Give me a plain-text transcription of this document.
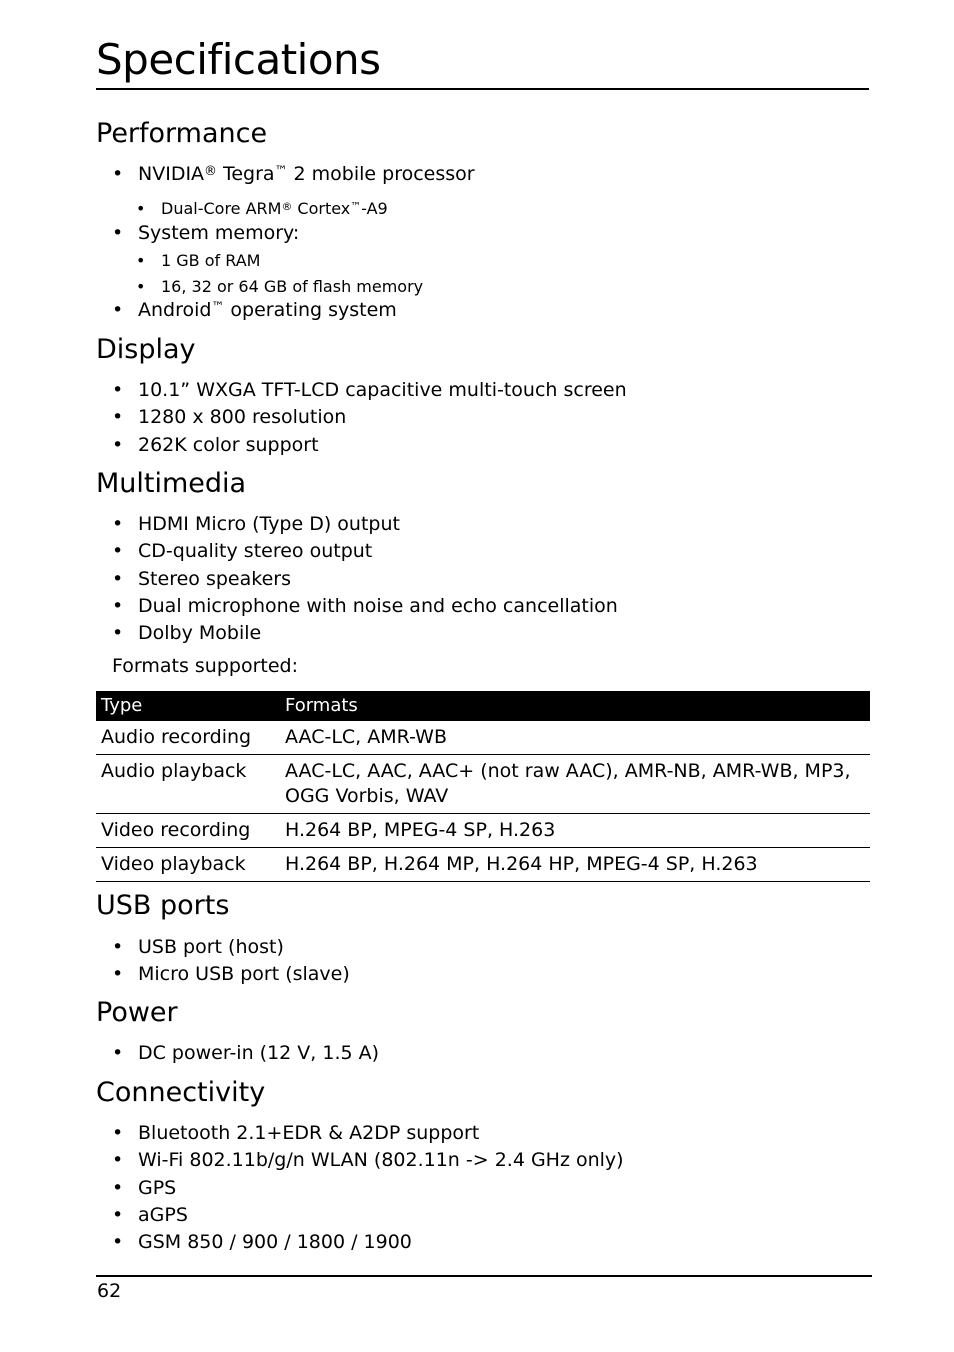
Specifications
Performance
• NVIDIA® Tegra™ 2 mobile processor
• Dual-Core ARM® Cortex™-A9
• System memory:
• 1 GB of RAM
• 16, 32 or 64 GB of flash memory
• Android™ operating system
Display
• 10.1” WXGA TFT-LCD capacitive multi-touch screen
• 1280 x 800 resolution
• 262K color support
Multimedia
• HDMI Micro (Type D) output
• CD-quality stereo output
• Stereo speakers
• Dual microphone with noise and echo cancellation
• Dolby Mobile
Formats supported:
Type	Formats
Audio recording	AAC-LC, AMR-WB
Audio playback	AAC-LC, AAC, AAC+ (not raw AAC), AMR-NB, AMR-WB, MP3, OGG Vorbis, WAV
Video recording	H.264 BP, MPEG-4 SP, H.263
Video playback	H.264 BP, H.264 MP, H.264 HP, MPEG-4 SP, H.263
USB ports
• USB port (host)
• Micro USB port (slave)
Power
• DC power-in (12 V, 1.5 A)
Connectivity
• Bluetooth 2.1+EDR & A2DP support
• Wi-Fi 802.11b/g/n WLAN (802.11n -> 2.4 GHz only)
• GPS
• aGPS
• GSM 850 / 900 / 1800 / 1900
62
